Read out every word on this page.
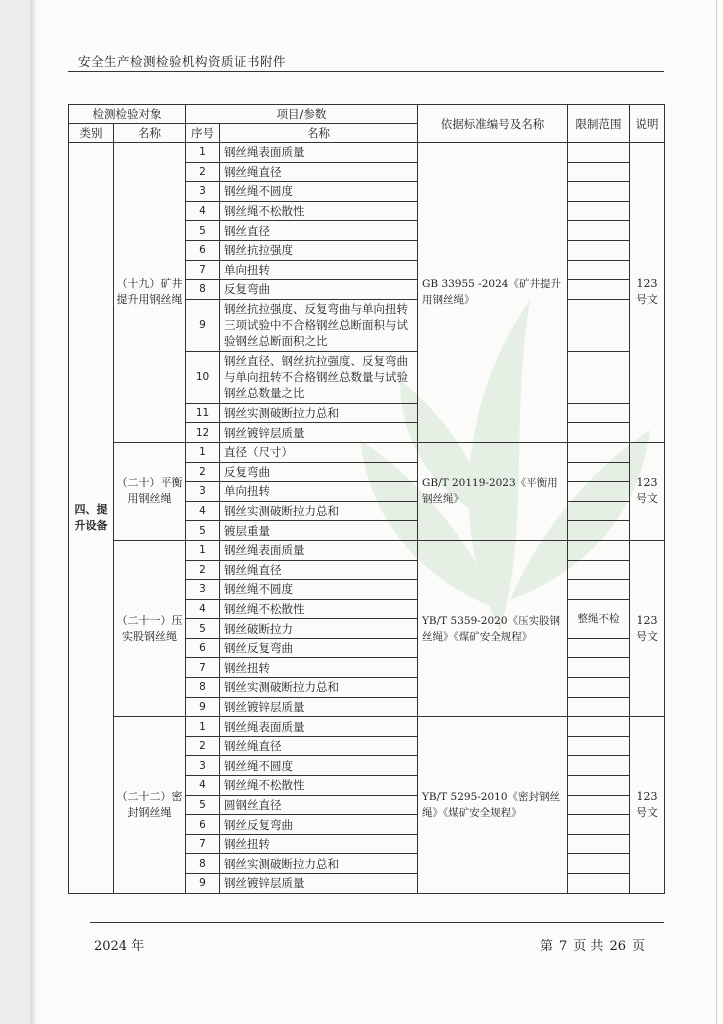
安全生产检测检验机构资质证书附件
检测检验对象		项目/参数		依据标准编号及名称	限制范围	说明
类别	名称	序号	名称			
四、提升设备	（十九）矿井提升用钢丝绳	1	钢丝绳表面质量	GB 33955 -2024《矿井提升用钢丝绳》		123号文
		2	钢丝绳直径			
		3	钢丝绳不圆度			
		4	钢丝绳不松散性			
		5	钢丝直径			
		6	钢丝抗拉强度			
		7	单向扭转			
		8	反复弯曲			
		9	钢丝抗拉强度、反复弯曲与单向扭转三项试验中不合格钢丝总断面积与试验钢丝总断面积之比			
		10	钢丝直径、钢丝抗拉强度、反复弯曲与单向扭转不合格钢丝总数量与试验钢丝总数量之比			
		11	钢丝实测破断拉力总和			
		12	钢丝镀锌层质量			
	（二十）平衡用钢丝绳	1	直径（尺寸）	GB/T 20119-2023《平衡用钢丝绳》		123号文
		2	反复弯曲			
		3	单向扭转			
		4	钢丝实测破断拉力总和			
		5	镀层重量			
	（二十一）压实股钢丝绳	1	钢丝绳表面质量	YB/T 5359-2020《压实股钢丝绳》《煤矿安全规程》		123号文
		2	钢丝绳直径			
		3	钢丝绳不圆度			
		4	钢丝绳不松散性		整绳不检	
		5	钢丝破断拉力			
		6	钢丝反复弯曲			
		7	钢丝扭转			
		8	钢丝实测破断拉力总和			
		9	钢丝镀锌层质量			
	（二十二）密封钢丝绳	1	钢丝绳表面质量	YB/T 5295-2010《密封钢丝绳》《煤矿安全规程》		123号文
		2	钢丝绳直径			
		3	钢丝绳不圆度			
		4	钢丝绳不松散性			
		5	圆钢丝直径			
		6	钢丝反复弯曲			
		7	钢丝扭转			
		8	钢丝实测破断拉力总和			
		9	钢丝镀锌层质量			
2024 年	第 7 页 共 26 页
